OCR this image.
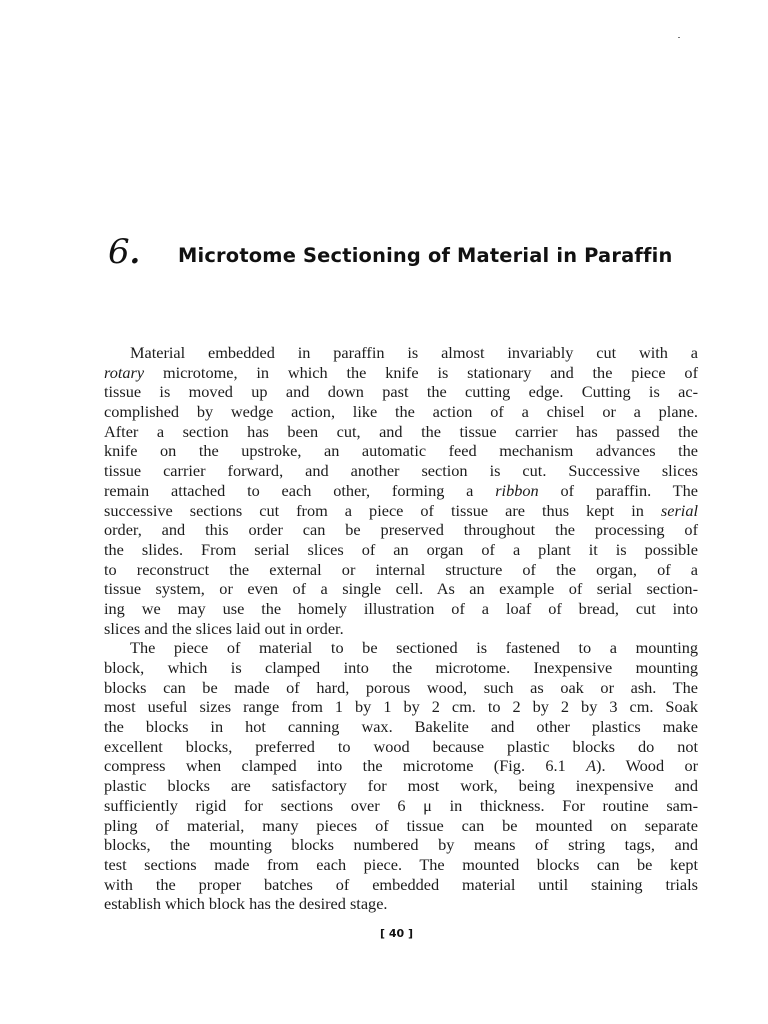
6. Microtome Sectioning of Material in Paraffin
Material embedded in paraffin is almost invariably cut with a
rotary microtome, in which the knife is stationary and the piece of
tissue is moved up and down past the cutting edge. Cutting is ac-
complished by wedge action, like the action of a chisel or a plane.
After a section has been cut, and the tissue carrier has passed the
knife on the upstroke, an automatic feed mechanism advances the
tissue carrier forward, and another section is cut. Successive slices
remain attached to each other, forming a ribbon of paraffin. The
successive sections cut from a piece of tissue are thus kept in serial
order, and this order can be preserved throughout the processing of
the slides. From serial slices of an organ of a plant it is possible
to reconstruct the external or internal structure of the organ, of a
tissue system, or even of a single cell. As an example of serial section-
ing we may use the homely illustration of a loaf of bread, cut into
slices and the slices laid out in order.
The piece of material to be sectioned is fastened to a mounting
block, which is clamped into the microtome. Inexpensive mounting
blocks can be made of hard, porous wood, such as oak or ash. The
most useful sizes range from 1 by 1 by 2 cm. to 2 by 2 by 3 cm. Soak
the blocks in hot canning wax. Bakelite and other plastics make
excellent blocks, preferred to wood because plastic blocks do not
compress when clamped into the microtome (Fig. 6.1 A). Wood or
plastic blocks are satisfactory for most work, being inexpensive and
sufficiently rigid for sections over 6 μ in thickness. For routine sam-
pling of material, many pieces of tissue can be mounted on separate
blocks, the mounting blocks numbered by means of string tags, and
test sections made from each piece. The mounted blocks can be kept
with the proper batches of embedded material until staining trials
establish which block has the desired stage.
[ 40 ]
